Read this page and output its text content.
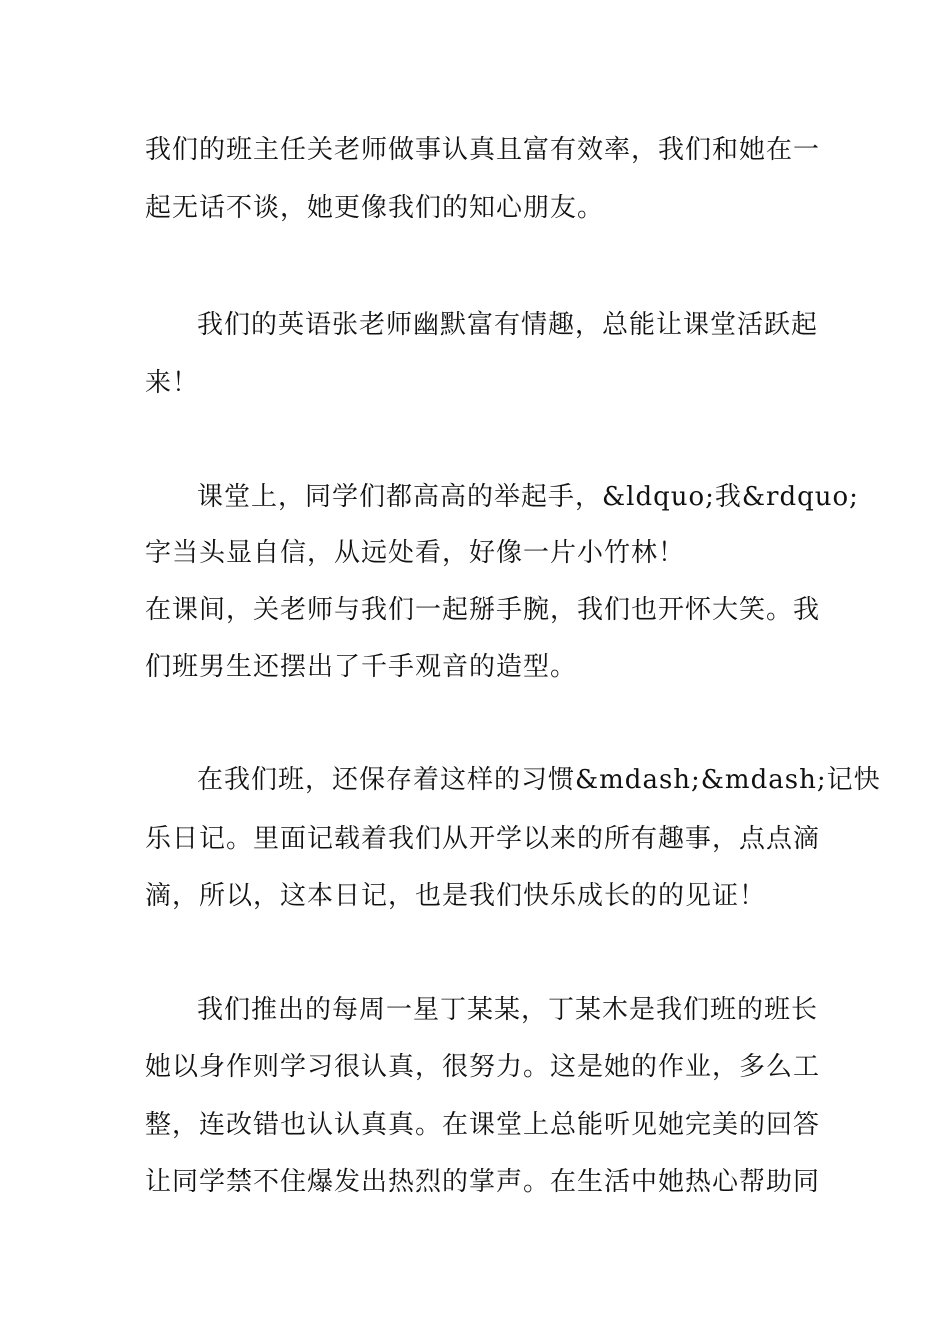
我们的班主任关老师做事认真且富有效率，我们和她在一
起无话不谈，她更像我们的知心朋友。
我们的英语张老师幽默富有情趣，总能让课堂活跃起
来！
课堂上，同学们都高高的举起手，&ldquo;我&rdquo;
字当头显自信，从远处看，好像一片小竹林！
在课间，关老师与我们一起掰手腕，我们也开怀大笑。我
们班男生还摆出了千手观音的造型。
在我们班，还保存着这样的习惯&mdash;&mdash;记快
乐日记。里面记载着我们从开学以来的所有趣事，点点滴
滴，所以，这本日记，也是我们快乐成长的的见证！
我们推出的每周一星丁某某，丁某木是我们班的班长
她以身作则学习很认真，很努力。这是她的作业，多么工
整，连改错也认认真真。在课堂上总能听见她完美的回答
让同学禁不住爆发出热烈的掌声。在生活中她热心帮助同
